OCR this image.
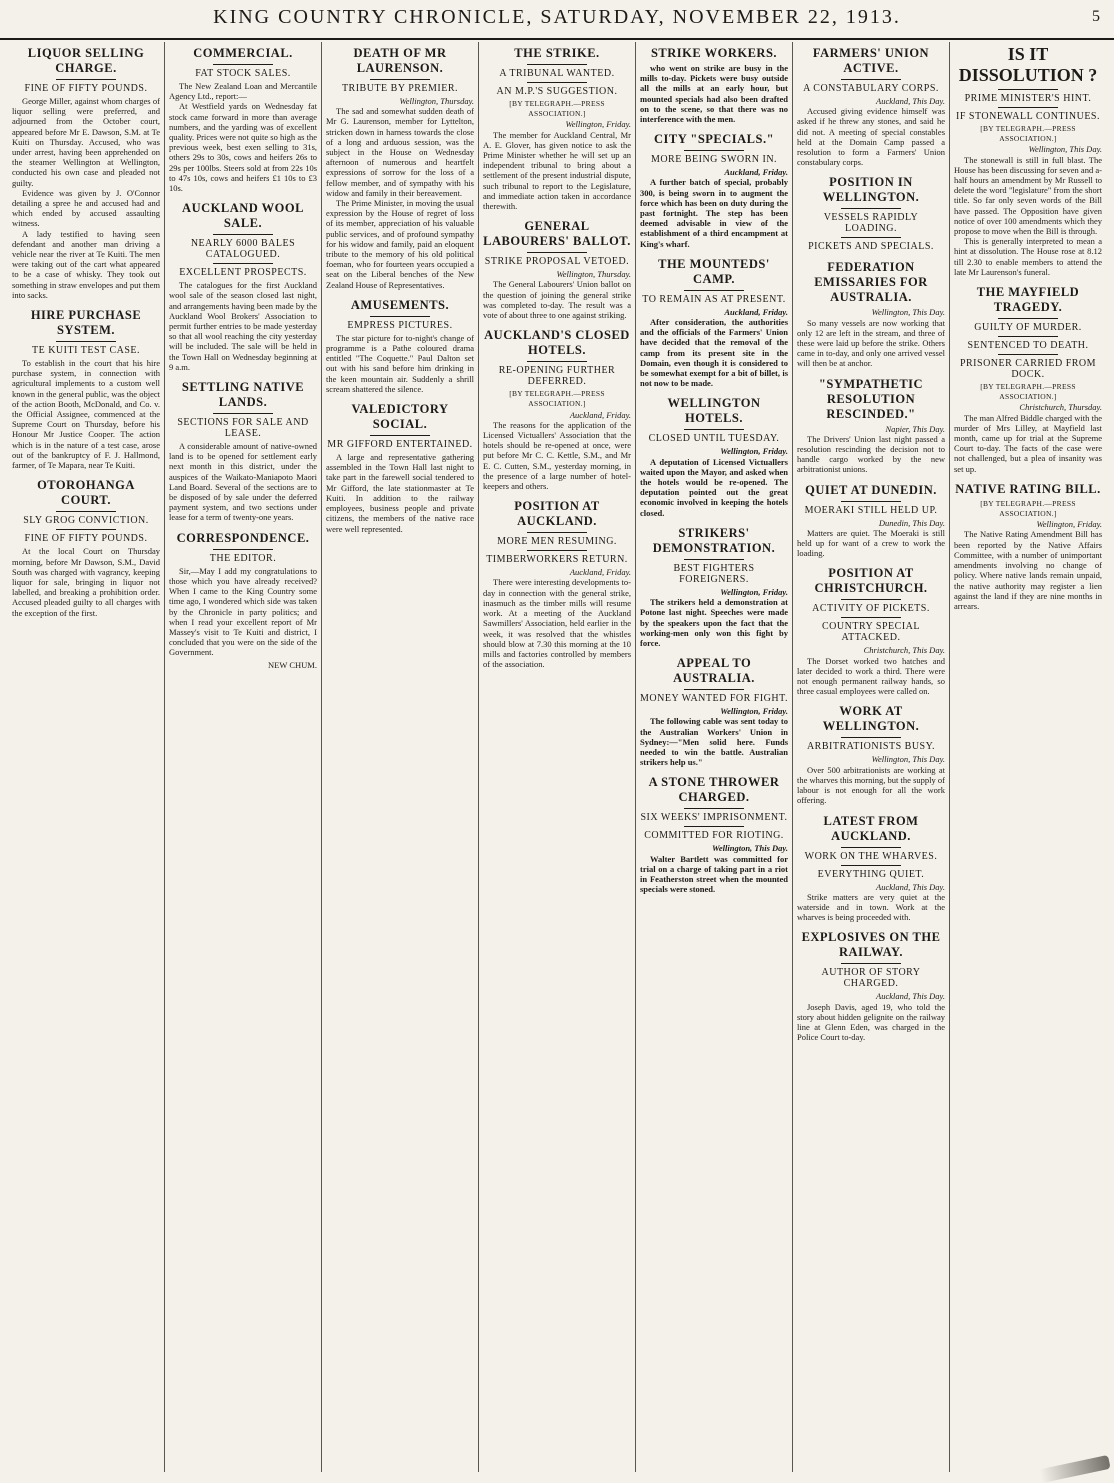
KING COUNTRY CHRONICLE, SATURDAY, NOVEMBER 22, 1913.	5
LIQUOR SELLING CHARGE.
FINE OF FIFTY POUNDS.

George Miller, against whom charges of liquor selling were preferred, and adjourned from the October court, appeared before Mr E. Dawson, S.M. at Te Kuiti on Thursday. Accused, who was under arrest, having been apprehended on the steamer Wellington at Wellington, conducted his own case and pleaded not guilty.

Evidence was given by J. O'Connor detailing a spree he and accused had and which ended by accused assaulting witness.

A lady testified to having seen defendant and another man driving a vehicle near the river at Te Kuiti. The men were taking out of the cart what appeared to be a case of whisky. They took out something in straw envelopes and put them into sacks.

HIRE PURCHASE SYSTEM.
TE KUITI TEST CASE.

To establish in the court that his hire purchase system, in connection with agricultural implements to a custom well known in the general public, was the object of the action Booth, McDonald, and Co. v. the Official Assignee, commenced at the Supreme Court on Thursday, before his Honour Mr Justice Cooper. The action which is in the nature of a test case, arose out of the bankruptcy of F. J. Hallmond, farmer, of Te Mapara, near Te Kuiti.

OTOROHANGA COURT.
SLY GROG CONVICTION.
FINE OF FIFTY POUNDS.

At the local Court on Thursday morning, before Mr Dawson, S.M., David South was charged with vagrancy, keeping liquor for sale, bringing in liquor not labelled, and breaking a prohibition order. Accused pleaded guilty to all charges with the exception of the first.

COMMERCIAL.
FAT STOCK SALES.

The New Zealand Loan and Mercantile Agency Ltd., report:—

At Westfield yards on Wednesday fat stock came forward in more than average numbers, and the yarding was of excellent quality. Prices were not quite so high as the previous week, best exen selling to 31s, others 29s to 30s, cows and heifers 26s to 29s per 100lbs. Steers sold at from 22s 10s to 47s 10s, cows and heifers £1 10s to £3 10s.

AUCKLAND WOOL SALE.
NEARLY 6000 BALES CATALOGUED.
EXCELLENT PROSPECTS.

The catalogues for the first Auckland wool sale of the season closed last night, and arrangements having been made by the Auckland Wool Brokers' Association to permit further entries to be made yesterday so that all wool reaching the city yesterday will be included. The sale will be held in the Town Hall on Wednesday beginning at 9 a.m.

SETTLING NATIVE LANDS.
SECTIONS FOR SALE AND LEASE.

A considerable amount of native-owned land is to be opened for settlement early next month in this district, under the auspices of the Waikato-Maniapoto Maori Land Board. Several of the sections are to be disposed of by sale under the deferred payment system, and two sections under lease for a term of twenty-one years.

CORRESPONDENCE.
THE EDITOR.

Sir,—May I add my congratulations to those which you have already received? When I came to the King Country some time ago, I wondered which side was taken by the Chronicle in party politics; and when I read your excellent report of Mr Massey's visit to Te Kuiti and district, I concluded that you were on the side of the Government.

NEW CHUM.
DEATH OF MR LAURENSON.
TRIBUTE BY PREMIER.

Wellington, Thursday.

The sad and somewhat sudden death of Mr G. Laurenson, member for Lyttelton, stricken down in harness towards the close of a long and arduous session, was the subject in the House on Wednesday afternoon of numerous and heartfelt expressions of sorrow for the loss of a fellow member, and of sympathy with his widow and family in their bereavement.

The Prime Minister, in moving the usual expression by the House of regret of loss of its member, appreciation of his valuable public services, and of profound sympathy for his widow and family, paid an eloquent tribute to the memory of his old political foeman, who for fourteen years occupied a seat on the Liberal benches of the New Zealand House of Representatives.

AMUSEMENTS.
EMPRESS PICTURES.

The star picture for to-night's change of programme is a Pathe coloured drama entitled "The Coquette." Paul Dalton set out with his sand before him drinking in the keen mountain air. Suddenly a shrill scream shattered the silence.

VALEDICTORY SOCIAL.
MR GIFFORD ENTERTAINED.

A large and representative gathering assembled in the Town Hall last night to take part in the farewell social tendered to Mr Gifford, the late stationmaster at Te Kuiti. In addition to the railway employees, business people and private citizens, the members of the native race were well represented.

THE STRIKE.
A TRIBUNAL WANTED.
AN M.P.'S SUGGESTION.

[BY TELEGRAPH.—PRESS ASSOCIATION.]

Wellington, Friday.

The member for Auckland Central, Mr A. E. Glover, has given notice to ask the Prime Minister whether he will set up an independent tribunal to bring about a settlement of the present industrial dispute, such tribunal to report to the Legislature, and immediate action taken in accordance therewith.

GENERAL LABOURERS' BALLOT.
STRIKE PROPOSAL VETOED.

Wellington, Thursday.

The General Labourers' Union ballot on the question of joining the general strike was completed to-day. The result was a vote of about three to one against striking.

AUCKLAND'S CLOSED HOTELS.
RE-OPENING FURTHER DEFERRED.

[BY TELEGRAPH.—PRESS ASSOCIATION.]

Auckland, Friday.

The reasons for the application of the Licensed Victuallers' Association that the hotels should be re-opened at once, were put before Mr C. C. Kettle, S.M., and Mr E. C. Cutten, S.M., yesterday morning, in the presence of a large number of hotel-keepers and others.

POSITION AT AUCKLAND.
MORE MEN RESUMING.
TIMBERWORKERS RETURN.

Auckland, Friday.

There were interesting developments to-day in connection with the general strike, inasmuch as the timber mills will resume work. At a meeting of the Auckland Sawmillers' Association, held earlier in the week, it was resolved that the whistles should blow at 7.30 this morning at the 10 mills and factories controlled by members of the association.

STRIKE WORKERS.

who went on strike are busy in the mills to-day. Pickets were busy outside all the mills at an early hour, but mounted specials had also been drafted on to the scene, so that there was no interference with the men.

CITY "SPECIALS."
MORE BEING SWORN IN.

Auckland, Friday.

A further batch of special, probably 300, is being sworn in to augment the force which has been on duty during the past fortnight. The step has been deemed advisable in view of the establishment of a third encampment at King's wharf.

THE MOUNTEDS' CAMP.
TO REMAIN AS AT PRESENT.

Auckland, Friday.

After consideration, the authorities and the officials of the Farmers' Union have decided that the removal of the camp from its present site in the Domain, even though it is considered to be somewhat exempt for a bit of billet, is not now to be made.

WELLINGTON HOTELS.
CLOSED UNTIL TUESDAY.

Wellington, Friday.

A deputation of Licensed Victuallers waited upon the Mayor, and asked when the hotels would be re-opened. The deputation pointed out the great economic involved in keeping the hotels closed.

STRIKERS' DEMONSTRATION.
BEST FIGHTERS FOREIGNERS.

Wellington, Friday.

The strikers held a demonstration at Potone last night. Speeches were made by the speakers upon the fact that the working-men only won this fight by force.

APPEAL TO AUSTRALIA.
MONEY WANTED FOR FIGHT.

Wellington, Friday.

The following cable was sent today to the Australian Workers' Union in Sydney:—"Men solid here. Funds needed to win the battle. Australian strikers help us."

A STONE THROWER CHARGED.
SIX WEEKS' IMPRISONMENT.
COMMITTED FOR RIOTING.

Wellington, This Day.

Walter Bartlett was committed for trial on a charge of taking part in a riot in Featherston street when the mounted specials were stoned.

FARMERS' UNION ACTIVE.
A CONSTABULARY CORPS.

Auckland, This Day.

Accused giving evidence himself was asked if he threw any stones, and said he did not. A meeting of special constables held at the Domain Camp passed a resolution to form a Farmers' Union constabulary corps.

POSITION IN WELLINGTON.
VESSELS RAPIDLY LOADING.
PICKETS AND SPECIALS.
FEDERATION EMISSARIES FOR AUSTRALIA.

Wellington, This Day.

So many vessels are now working that only 12 are left in the stream, and three of these were laid up before the strike. Others came in to-day, and only one arrived vessel will then be at anchor.

"SYMPATHETIC RESOLUTION RESCINDED."

Napier, This Day.

The Drivers' Union last night passed a resolution rescinding the decision not to handle cargo worked by the new arbitrationist unions.

QUIET AT DUNEDIN.
MOERAKI STILL HELD UP.

Dunedin, This Day.

Matters are quiet. The Moeraki is still held up for want of a crew to work the loading.

POSITION AT CHRISTCHURCH.
ACTIVITY OF PICKETS.
COUNTRY SPECIAL ATTACKED.

Christchurch, This Day.

The Dorset worked two hatches and later decided to work a third. There were not enough permanent railway hands, so three casual employees were called on.

WORK AT WELLINGTON.
ARBITRATIONISTS BUSY.

Wellington, This Day.

Over 500 arbitrationists are working at the wharves this morning, but the supply of labour is not enough for all the work offering.

LATEST FROM AUCKLAND.
WORK ON THE WHARVES.
EVERYTHING QUIET.

Auckland, This Day.

Strike matters are very quiet at the waterside and in town. Work at the wharves is being proceeded with.

EXPLOSIVES ON THE RAILWAY.
AUTHOR OF STORY CHARGED.

Auckland, This Day.

Joseph Davis, aged 19, who told the story about hidden gelignite on the railway line at Glenn Eden, was charged in the Police Court to-day.

IS IT DISSOLUTION ?
PRIME MINISTER'S HINT.
IF STONEWALL CONTINUES.

[BY TELEGRAPH.—PRESS ASSOCIATION.]

Wellington, This Day.

The stonewall is still in full blast. The House has been discussing for seven and a-half hours an amendment by Mr Russell to delete the word "legislature" from the short title. So far only seven words of the Bill have passed. The Opposition have given notice of over 100 amendments which they propose to move when the Bill is through.

This is generally interpreted to mean a hint at dissolution. The House rose at 8.12 till 2.30 to enable members to attend the late Mr Laurenson's funeral.

THE MAYFIELD TRAGEDY.
GUILTY OF MURDER.
SENTENCED TO DEATH.
PRISONER CARRIED FROM DOCK.

[BY TELEGRAPH.—PRESS ASSOCIATION.]

Christchurch, Thursday.

The man Alfred Biddle charged with the murder of Mrs Lilley, at Mayfield last month, came up for trial at the Supreme Court to-day. The facts of the case were not challenged, but a plea of insanity was set up.

NATIVE RATING BILL.

[BY TELEGRAPH.—PRESS ASSOCIATION.]

Wellington, Friday.

The Native Rating Amendment Bill has been reported by the Native Affairs Committee, with a number of unimportant amendments involving no change of policy. Where native lands remain unpaid, the native authority may register a lien against the land if they are nine months in arrears.
